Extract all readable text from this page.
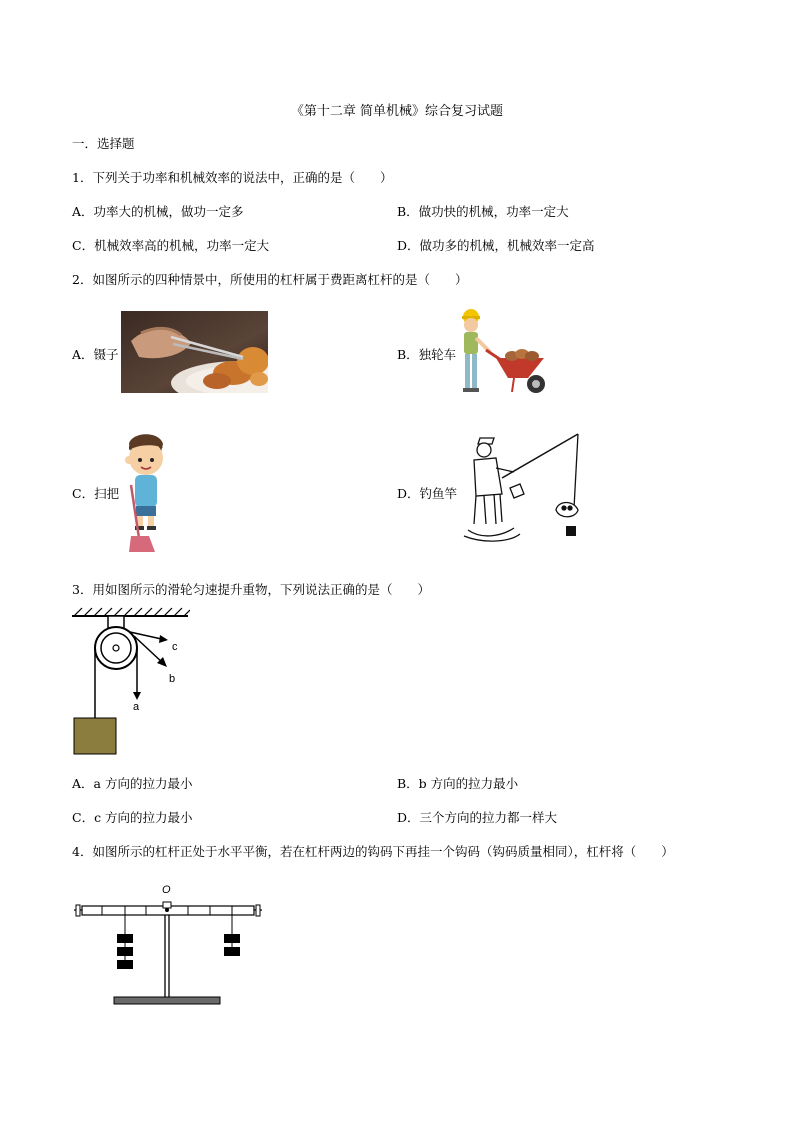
《第十二章 简单机械》综合复习试题
一．选择题
1．下列关于功率和机械效率的说法中，正确的是（　　）
A．功率大的机械，做功一定多	B．做功快的机械，功率一定大
C．机械效率高的机械，功率一定大	D．做功多的机械，机械效率一定高
2．如图所示的四种情景中，所使用的杠杆属于费距离杠杆的是（　　）
A．镊子	B．独轮车
C．扫把	D．钓鱼竿
3．用如图所示的滑轮匀速提升重物，下列说法正确的是（　　）
c
b
a
A．a 方向的拉力最小	B．b 方向的拉力最小
C．c 方向的拉力最小	D．三个方向的拉力都一样大
4．如图所示的杠杆正处于水平平衡，若在杠杆两边的钩码下再挂一个钩码（钩码质量相同），杠杆将（　　）
O
